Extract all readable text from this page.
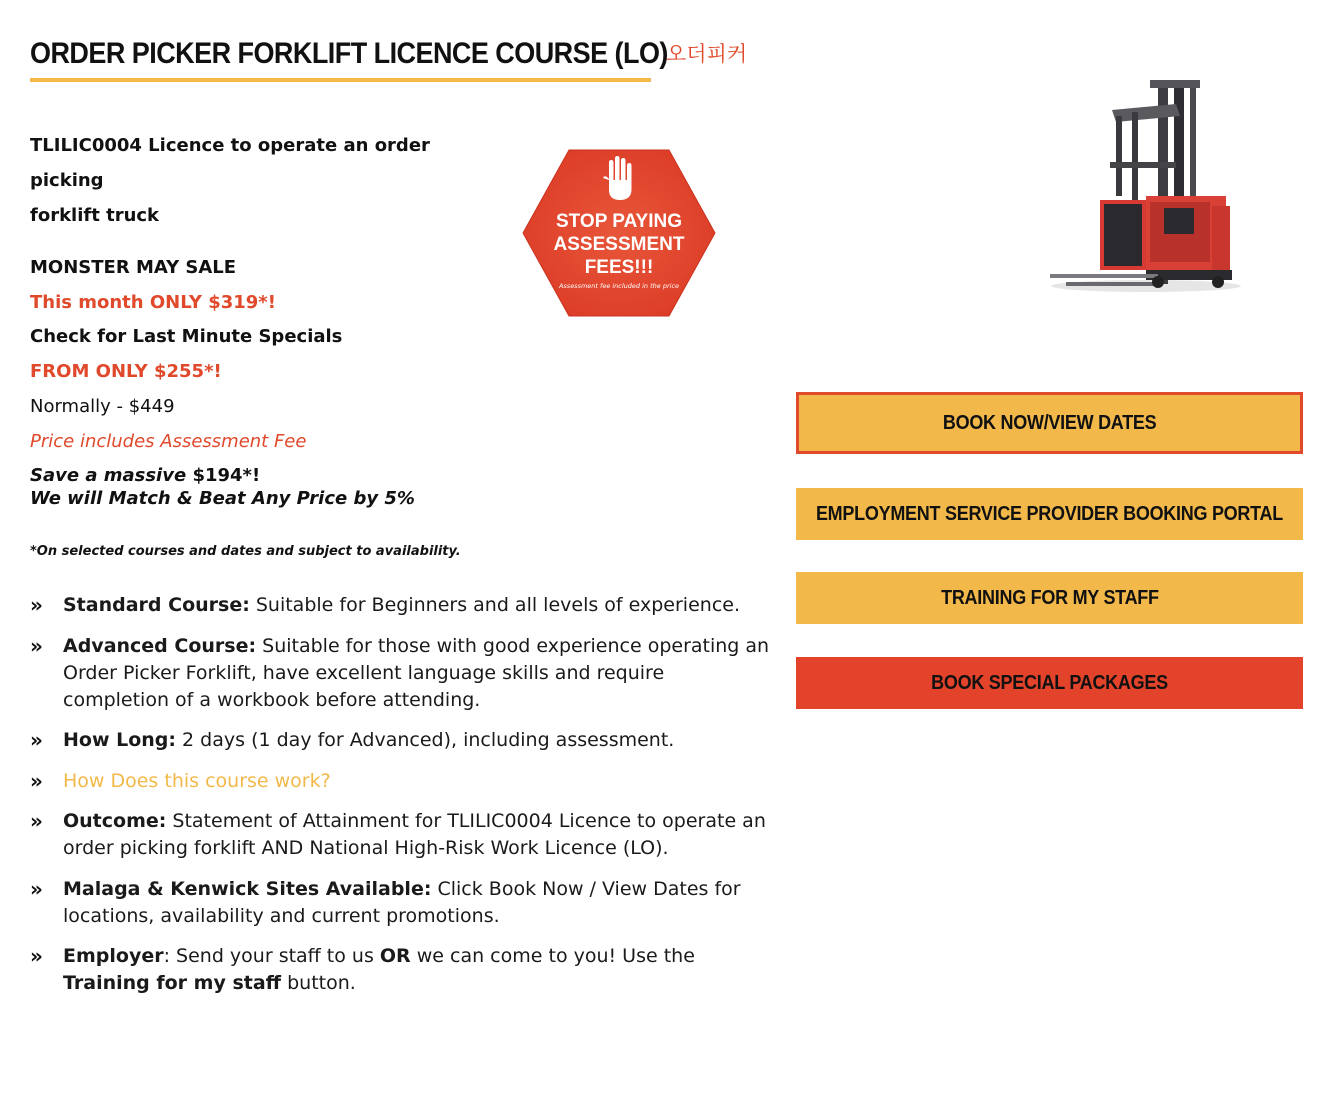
ORDER PICKER FORKLIFT LICENCE COURSE (LO)
오더피커

TLILIC0004 Licence to operate an order picking
forklift truck

MONSTER MAY SALE

This month ONLY $319*!

Check for Last Minute Specials

FROM ONLY $255*!

Normally - $449

Price includes Assessment Fee

Save a massive $194*!

We will Match & Beat Any Price by 5%

*On selected courses and dates and subject to availability.

STOP PAYING
ASSESSMENT
FEES!!!
Assessment fee included in the price
» Standard Course: Suitable for Beginners and all levels of experience.
» Advanced Course: Suitable for those with good experience operating an Order Picker Forklift, have excellent language skills and require completion of a workbook before attending.
» How Long: 2 days (1 day for Advanced), including assessment.
» How Does this course work?
» Outcome: Statement of Attainment for TLILIC0004 Licence to operate an order picking forklift AND National High-Risk Work Licence (LO).
» Malaga & Kenwick Sites Available: Click Book Now / View Dates for locations, availability and current promotions.
» Employer: Send your staff to us OR we can come to you! Use the Training for my staff button.
BOOK NOW/VIEW DATES
EMPLOYMENT SERVICE PROVIDER BOOKING PORTAL
TRAINING FOR MY STAFF
BOOK SPECIAL PACKAGES
